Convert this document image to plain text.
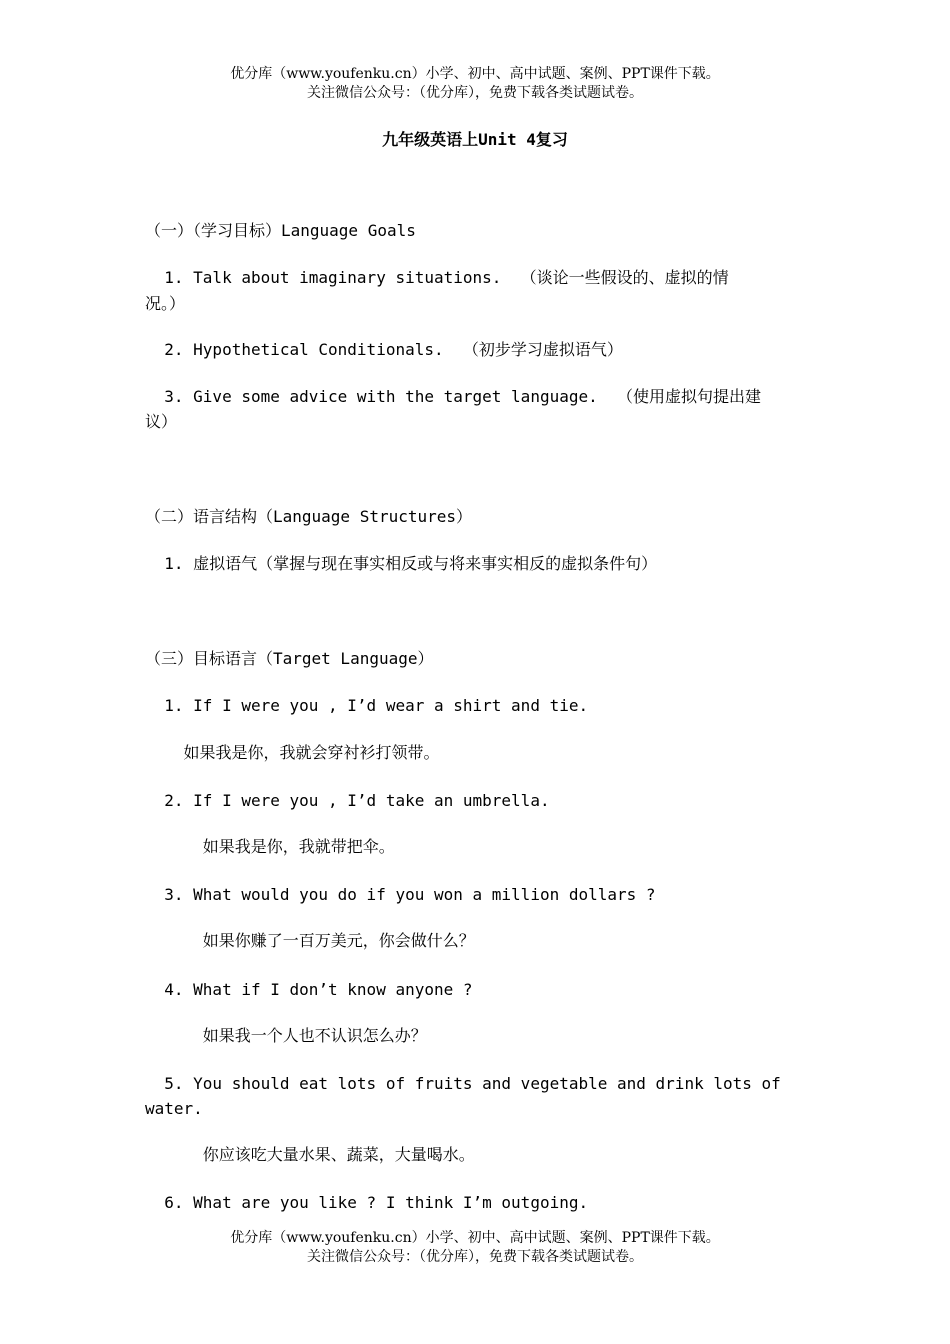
优分库（www.youfenku.cn）小学、初中、高中试题、案例、PPT课件下载。
关注微信公众号：（优分库），免费下载各类试题试卷。
九年级英语上Unit 4复习
（一）（学习目标）Language Goals
1. Talk about imaginary situations.  （谈论一些假设的、虚拟的情
况。）
2. Hypothetical Conditionals.  （初步学习虚拟语气）
3. Give some advice with the target language.  （使用虚拟句提出建
议）
（二）语言结构（Language Structures）
1. 虚拟语气（掌握与现在事实相反或与将来事实相反的虚拟条件句）
（三）目标语言（Target Language）
1. If I were you , I’d wear a shirt and tie.
如果我是你，我就会穿衬衫打领带。
2. If I were you , I’d take an umbrella.
如果我是你，我就带把伞。
3. What would you do if you won a million dollars ?
如果你赚了一百万美元，你会做什么？
4. What if I don’t know anyone ?
如果我一个人也不认识怎么办？
5. You should eat lots of fruits and vegetable and drink lots of
water.
你应该吃大量水果、蔬菜，大量喝水。
6. What are you like ? I think I’m outgoing.
优分库（www.youfenku.cn）小学、初中、高中试题、案例、PPT课件下载。
关注微信公众号：（优分库），免费下载各类试题试卷。
